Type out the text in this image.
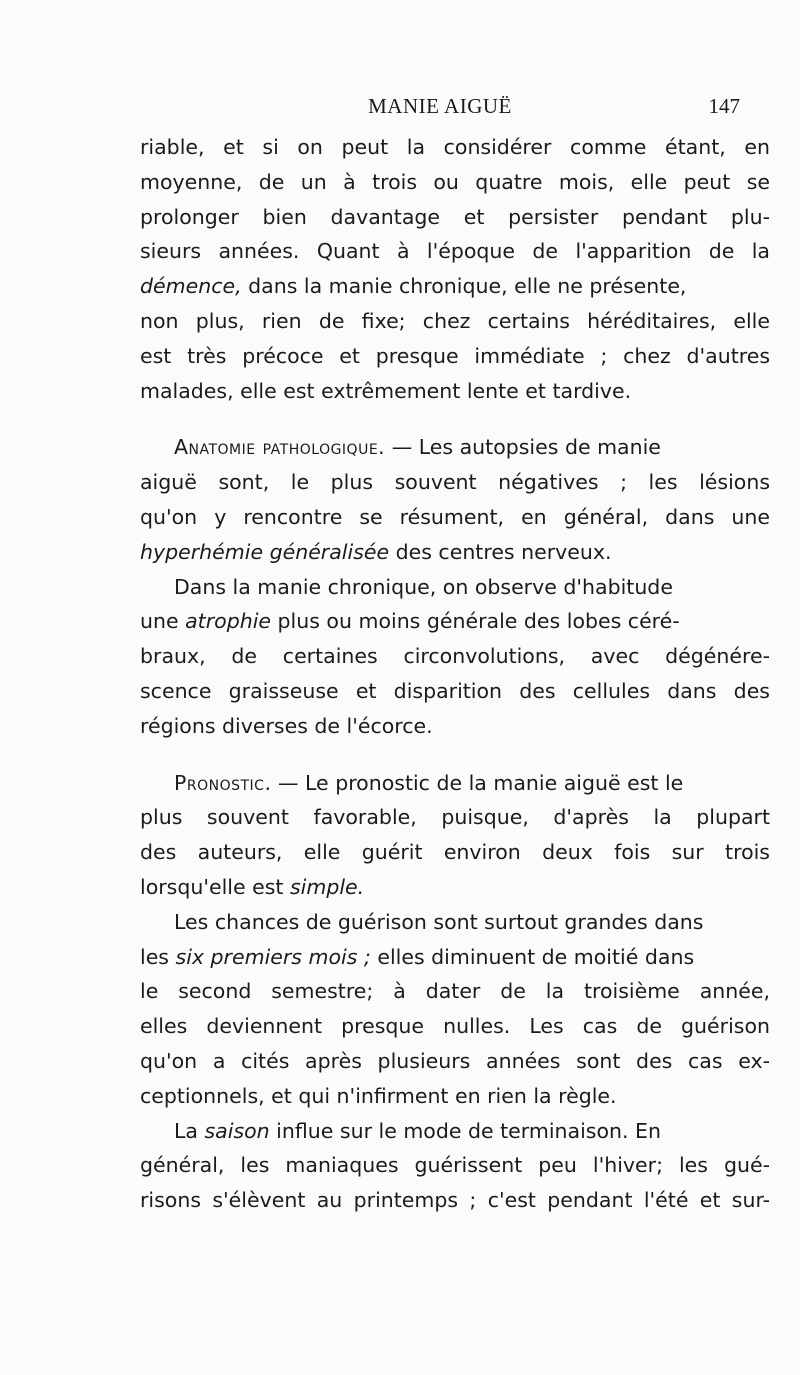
MANIE AIGUË	147
riable, et si on peut la considérer comme étant, en
moyenne, de un à trois ou quatre mois, elle peut se
prolonger bien davantage et persister pendant plu-
sieurs années. Quant à l'époque de l'apparition de la
démence, dans la manie chronique, elle ne présente,
non plus, rien de fixe; chez certains héréditaires, elle
est très précoce et presque immédiate ; chez d'autres
malades, elle est extrêmement lente et tardive.
Anatomie pathologique. — Les autopsies de manie
aiguë sont, le plus souvent négatives ; les lésions
qu'on y rencontre se résument, en général, dans une
hyperhémie généralisée des centres nerveux.
Dans la manie chronique, on observe d'habitude
une atrophie plus ou moins générale des lobes céré-
braux, de certaines circonvolutions, avec dégénére-
scence graisseuse et disparition des cellules dans des
régions diverses de l'écorce.
Pronostic. — Le pronostic de la manie aiguë est le
plus souvent favorable, puisque, d'après la plupart
des auteurs, elle guérit environ deux fois sur trois
lorsqu'elle est simple.
Les chances de guérison sont surtout grandes dans
les six premiers mois ; elles diminuent de moitié dans
le second semestre; à dater de la troisième année,
elles deviennent presque nulles. Les cas de guérison
qu'on a cités après plusieurs années sont des cas ex-
ceptionnels, et qui n'infirment en rien la règle.
La saison influe sur le mode de terminaison. En
général, les maniaques guérissent peu l'hiver; les gué-
risons s'élèvent au printemps ; c'est pendant l'été et sur-
